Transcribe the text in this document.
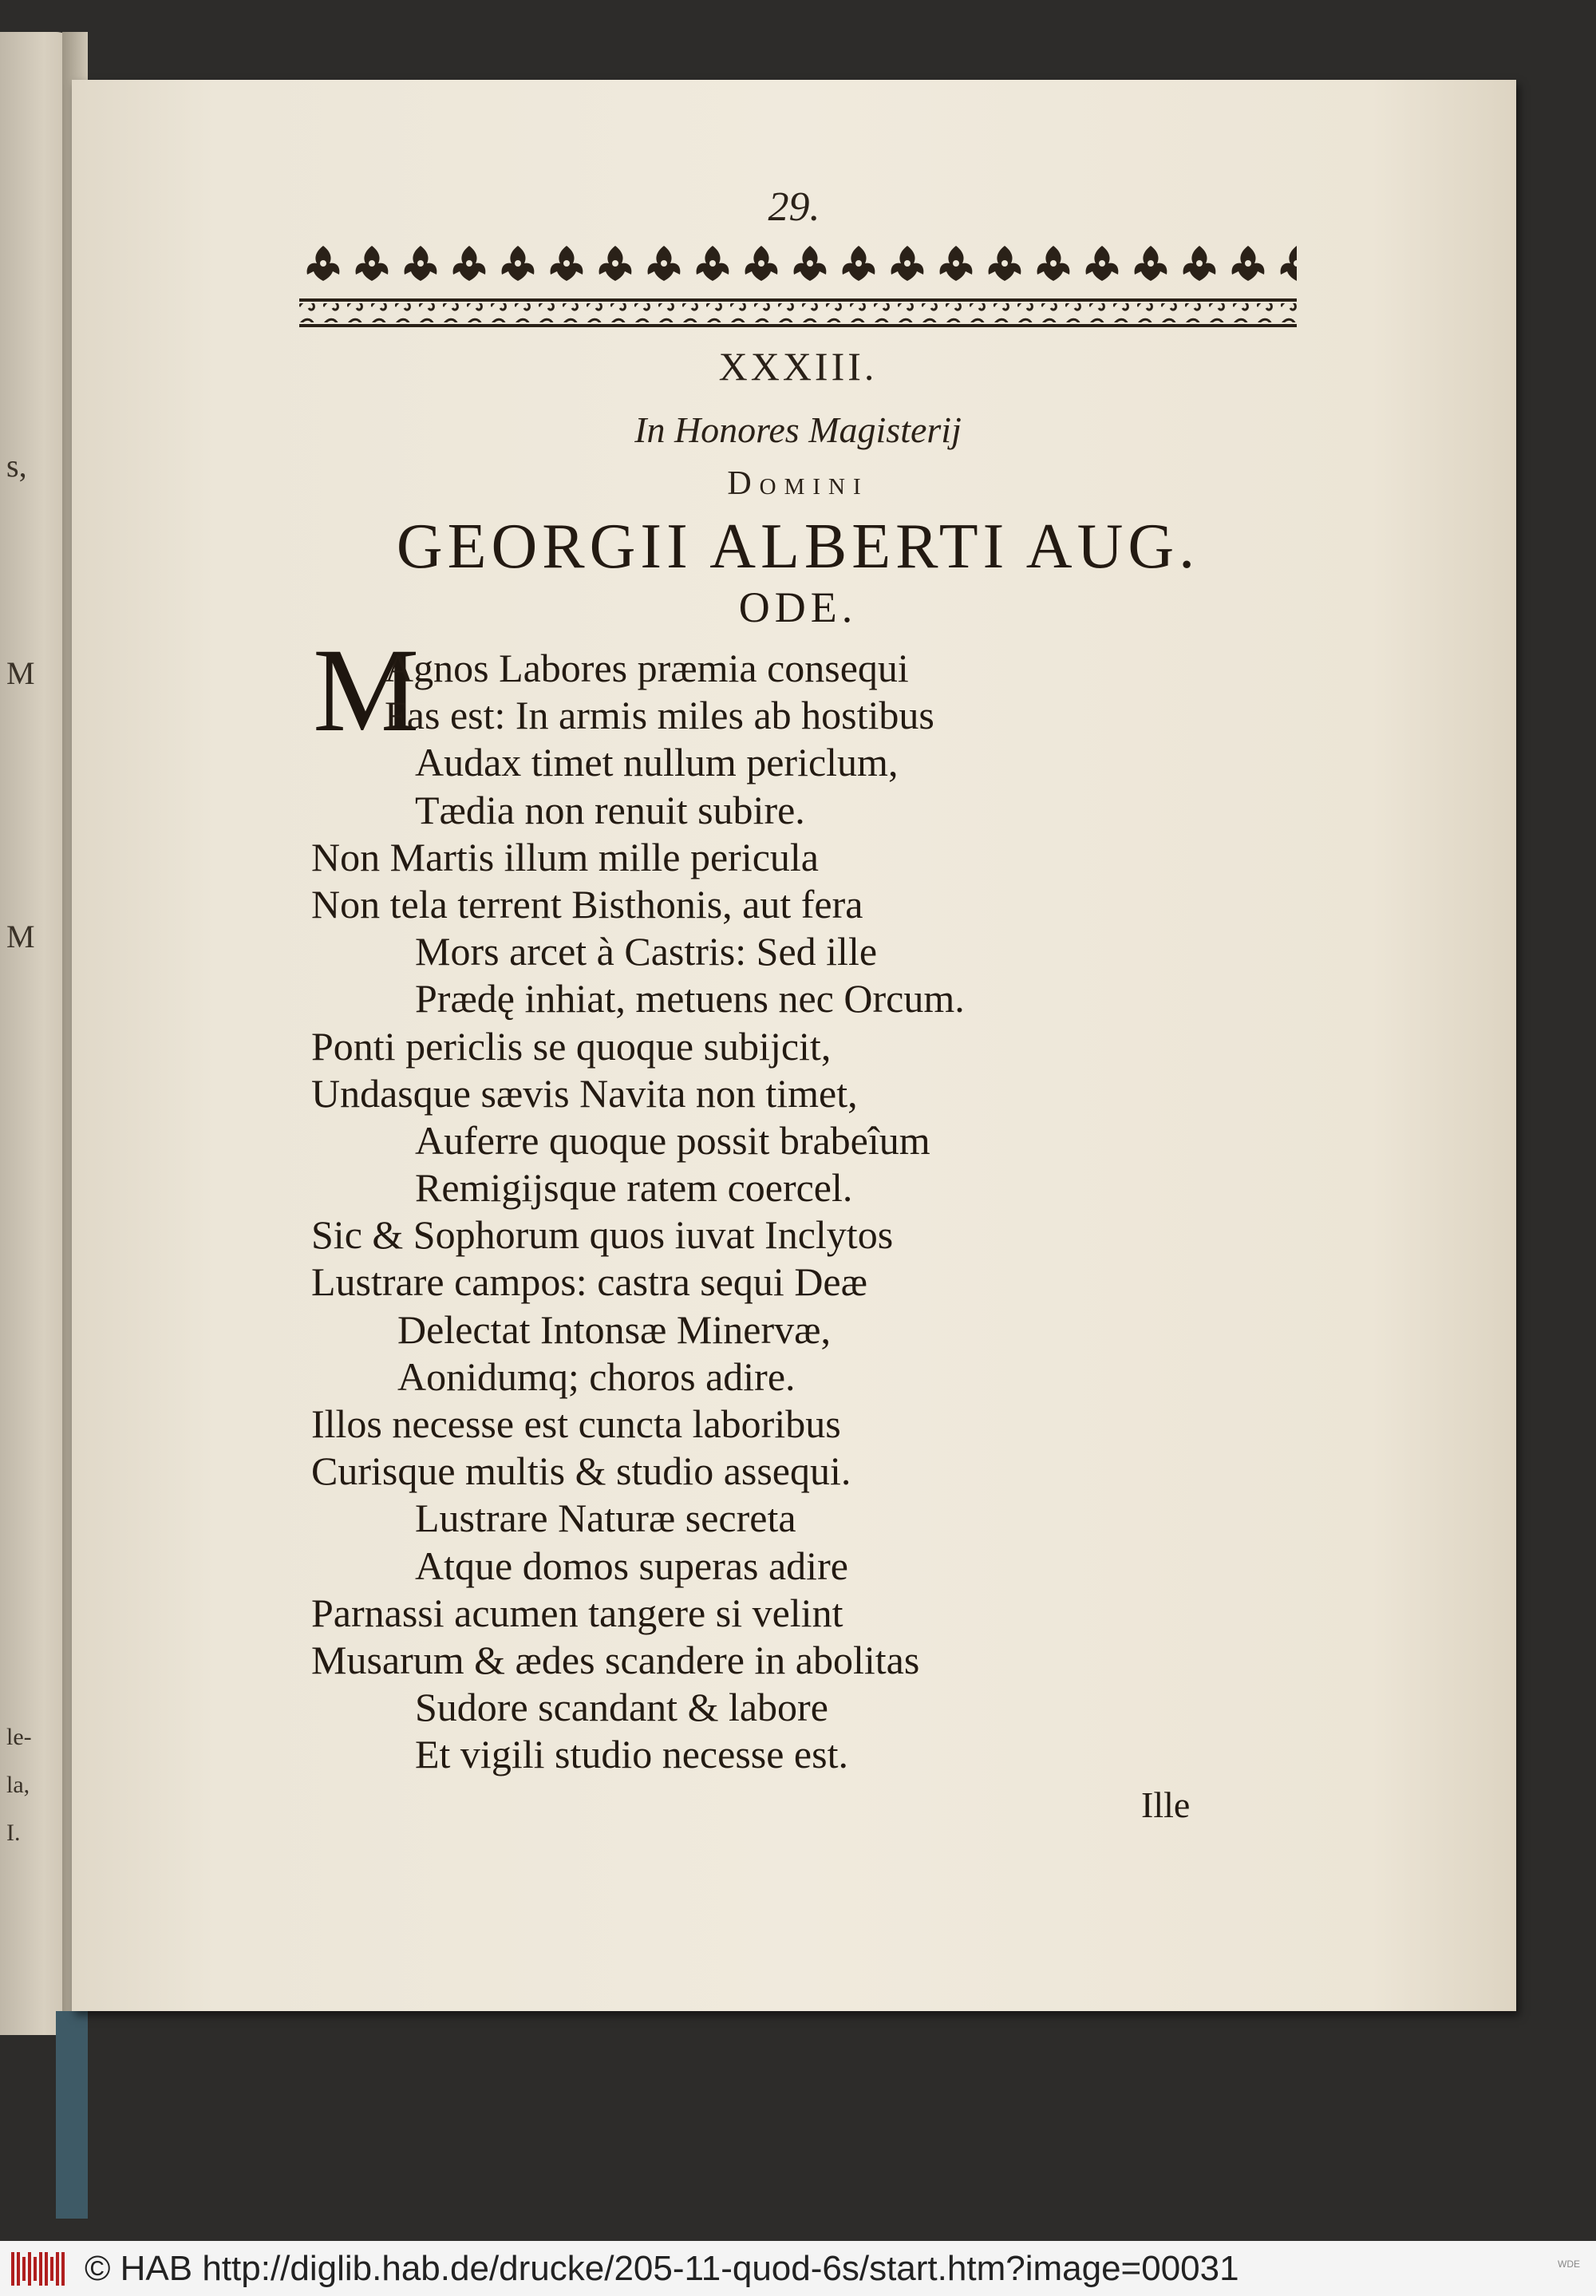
s,
M
M
le-
la,
I.
29.
XXXIII.
In Honores Magisterij
Domini
GEORGII ALBERTI AUG.
ODE.
M
Agnos Labores præmia consequi
Fas est: In armis miles ab hostibus
Audax timet nullum periclum,
Tædia non renuit subire.
Non Martis illum mille pericula
Non tela terrent Bisthonis, aut fera
Mors arcet à Castris: Sed ille
Prædę inhiat, metuens nec Orcum.
Ponti periclis se quoque subijcit,
Undasque sævis Navita non timet,
Auferre quoque possit brabeîum
Remigijsque ratem coercel.
Sic & Sophorum quos iuvat Inclytos
Lustrare campos: castra sequi Deæ
Delectat Intonsæ Minervæ,
Aonidumq; choros adire.
Illos necesse est cuncta laboribus
Curisque multis & studio assequi.
Lustrare Naturæ secreta
Atque domos superas adire
Parnassi acumen tangere si velint
Musarum & ædes scandere in abolitas
Sudore scandant & labore
Et vigili studio necesse est.
Ille
© HAB http://diglib.hab.de/drucke/205-11-quod-6s/start.htm?image=00031	WDE
